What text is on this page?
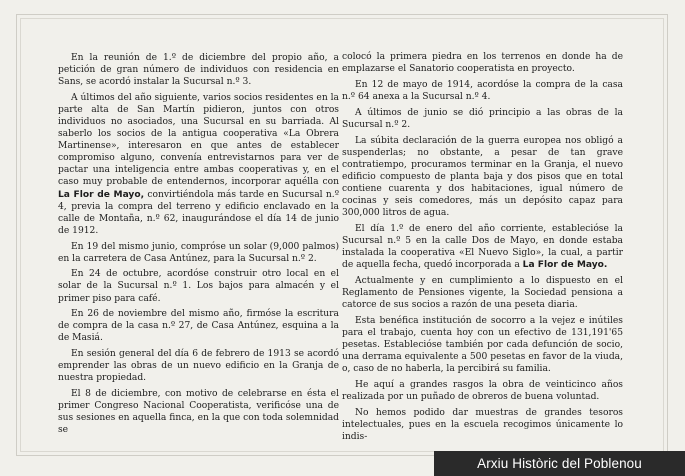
En la reunión de 1.º de diciembre del propio año, a petición de gran número de individuos con residencia en Sans, se acordó instalar la Sucursal n.º 3.

A últimos del año siguiente, varios socios residentes en la parte alta de San Martín pidieron, juntos con otros individuos no asociados, una Sucursal en su barriada. Al saberlo los socios de la antigua cooperativa «La Obrera Martinense», interesaron en que antes de establecer compromiso alguno, convenía entrevistarnos para ver de pactar una inteligencia entre ambas cooperativas y, en el caso muy probable de entendernos, incorporar aquélla con La Flor de Mayo, convirtiéndola más tarde en Sucursal n.º 4, previa la compra del terreno y edificio enclavado en la calle de Montaña, n.º 62, inaugurándose el día 14 de junio de 1912.

En 19 del mismo junio, compróse un solar (9,000 palmos) en la carretera de Casa Antúnez, para la Sucursal n.º 2.

En 24 de octubre, acordóse construir otro local en el solar de la Sucursal n.º 1. Los bajos para almacén y el primer piso para café.

En 26 de noviembre del mismo año, firmóse la escritura de compra de la casa n.º 27, de Casa Antúnez, esquina a la de Masiá.

En sesión general del día 6 de febrero de 1913 se acordó emprender las obras de un nuevo edificio en la Granja de nuestra propiedad.

El 8 de diciembre, con motivo de celebrarse en ésta el primer Congreso Nacional Cooperatista, verificóse una de sus sesiones en aquella finca, en la que con toda solemnidad se

colocó la primera piedra en los terrenos en donde ha de emplazarse el Sanatorio cooperatista en proyecto.

En 12 de mayo de 1914, acordóse la compra de la casa n.º 64 anexa a la Sucursal n.º 4.

A últimos de junio se dió principio a las obras de la Sucursal n.º 2.

La súbita declaración de la guerra europea nos obligó a suspenderlas; no obstante, a pesar de tan grave contratiempo, procuramos terminar en la Granja, el nuevo edificio compuesto de planta baja y dos pisos que en total contiene cuarenta y dos habitaciones, igual número de cocinas y seis comedores, más un depósito capaz para 300,000 litros de agua.

El día 1.º de enero del año corriente, establecióse la Sucursal n.º 5 en la calle Dos de Mayo, en donde estaba instalada la cooperativa «El Nuevo Siglo», la cual, a partir de aquella fecha, quedó incorporada a La Flor de Mayo.

Actualmente y en cumplimiento a lo dispuesto en el Reglamento de Pensiones vigente, la Sociedad pensiona a catorce de sus socios a razón de una peseta diaria.

Esta benéfica institución de socorro a la vejez e inútiles para el trabajo, cuenta hoy con un efectivo de 131,191'65 pesetas. Establecióse también por cada defunción de socio, una derrama equivalente a 500 pesetas en favor de la viuda, o, caso de no haberla, la percibirá su familia.

He aquí a grandes rasgos la obra de veinticinco años realizada por un puñado de obreros de buena voluntad.

No hemos podido dar muestras de grandes tesoros intelectuales, pues en la escuela recogimos únicamente lo indis-

Arxiu Històric del Poblenou
